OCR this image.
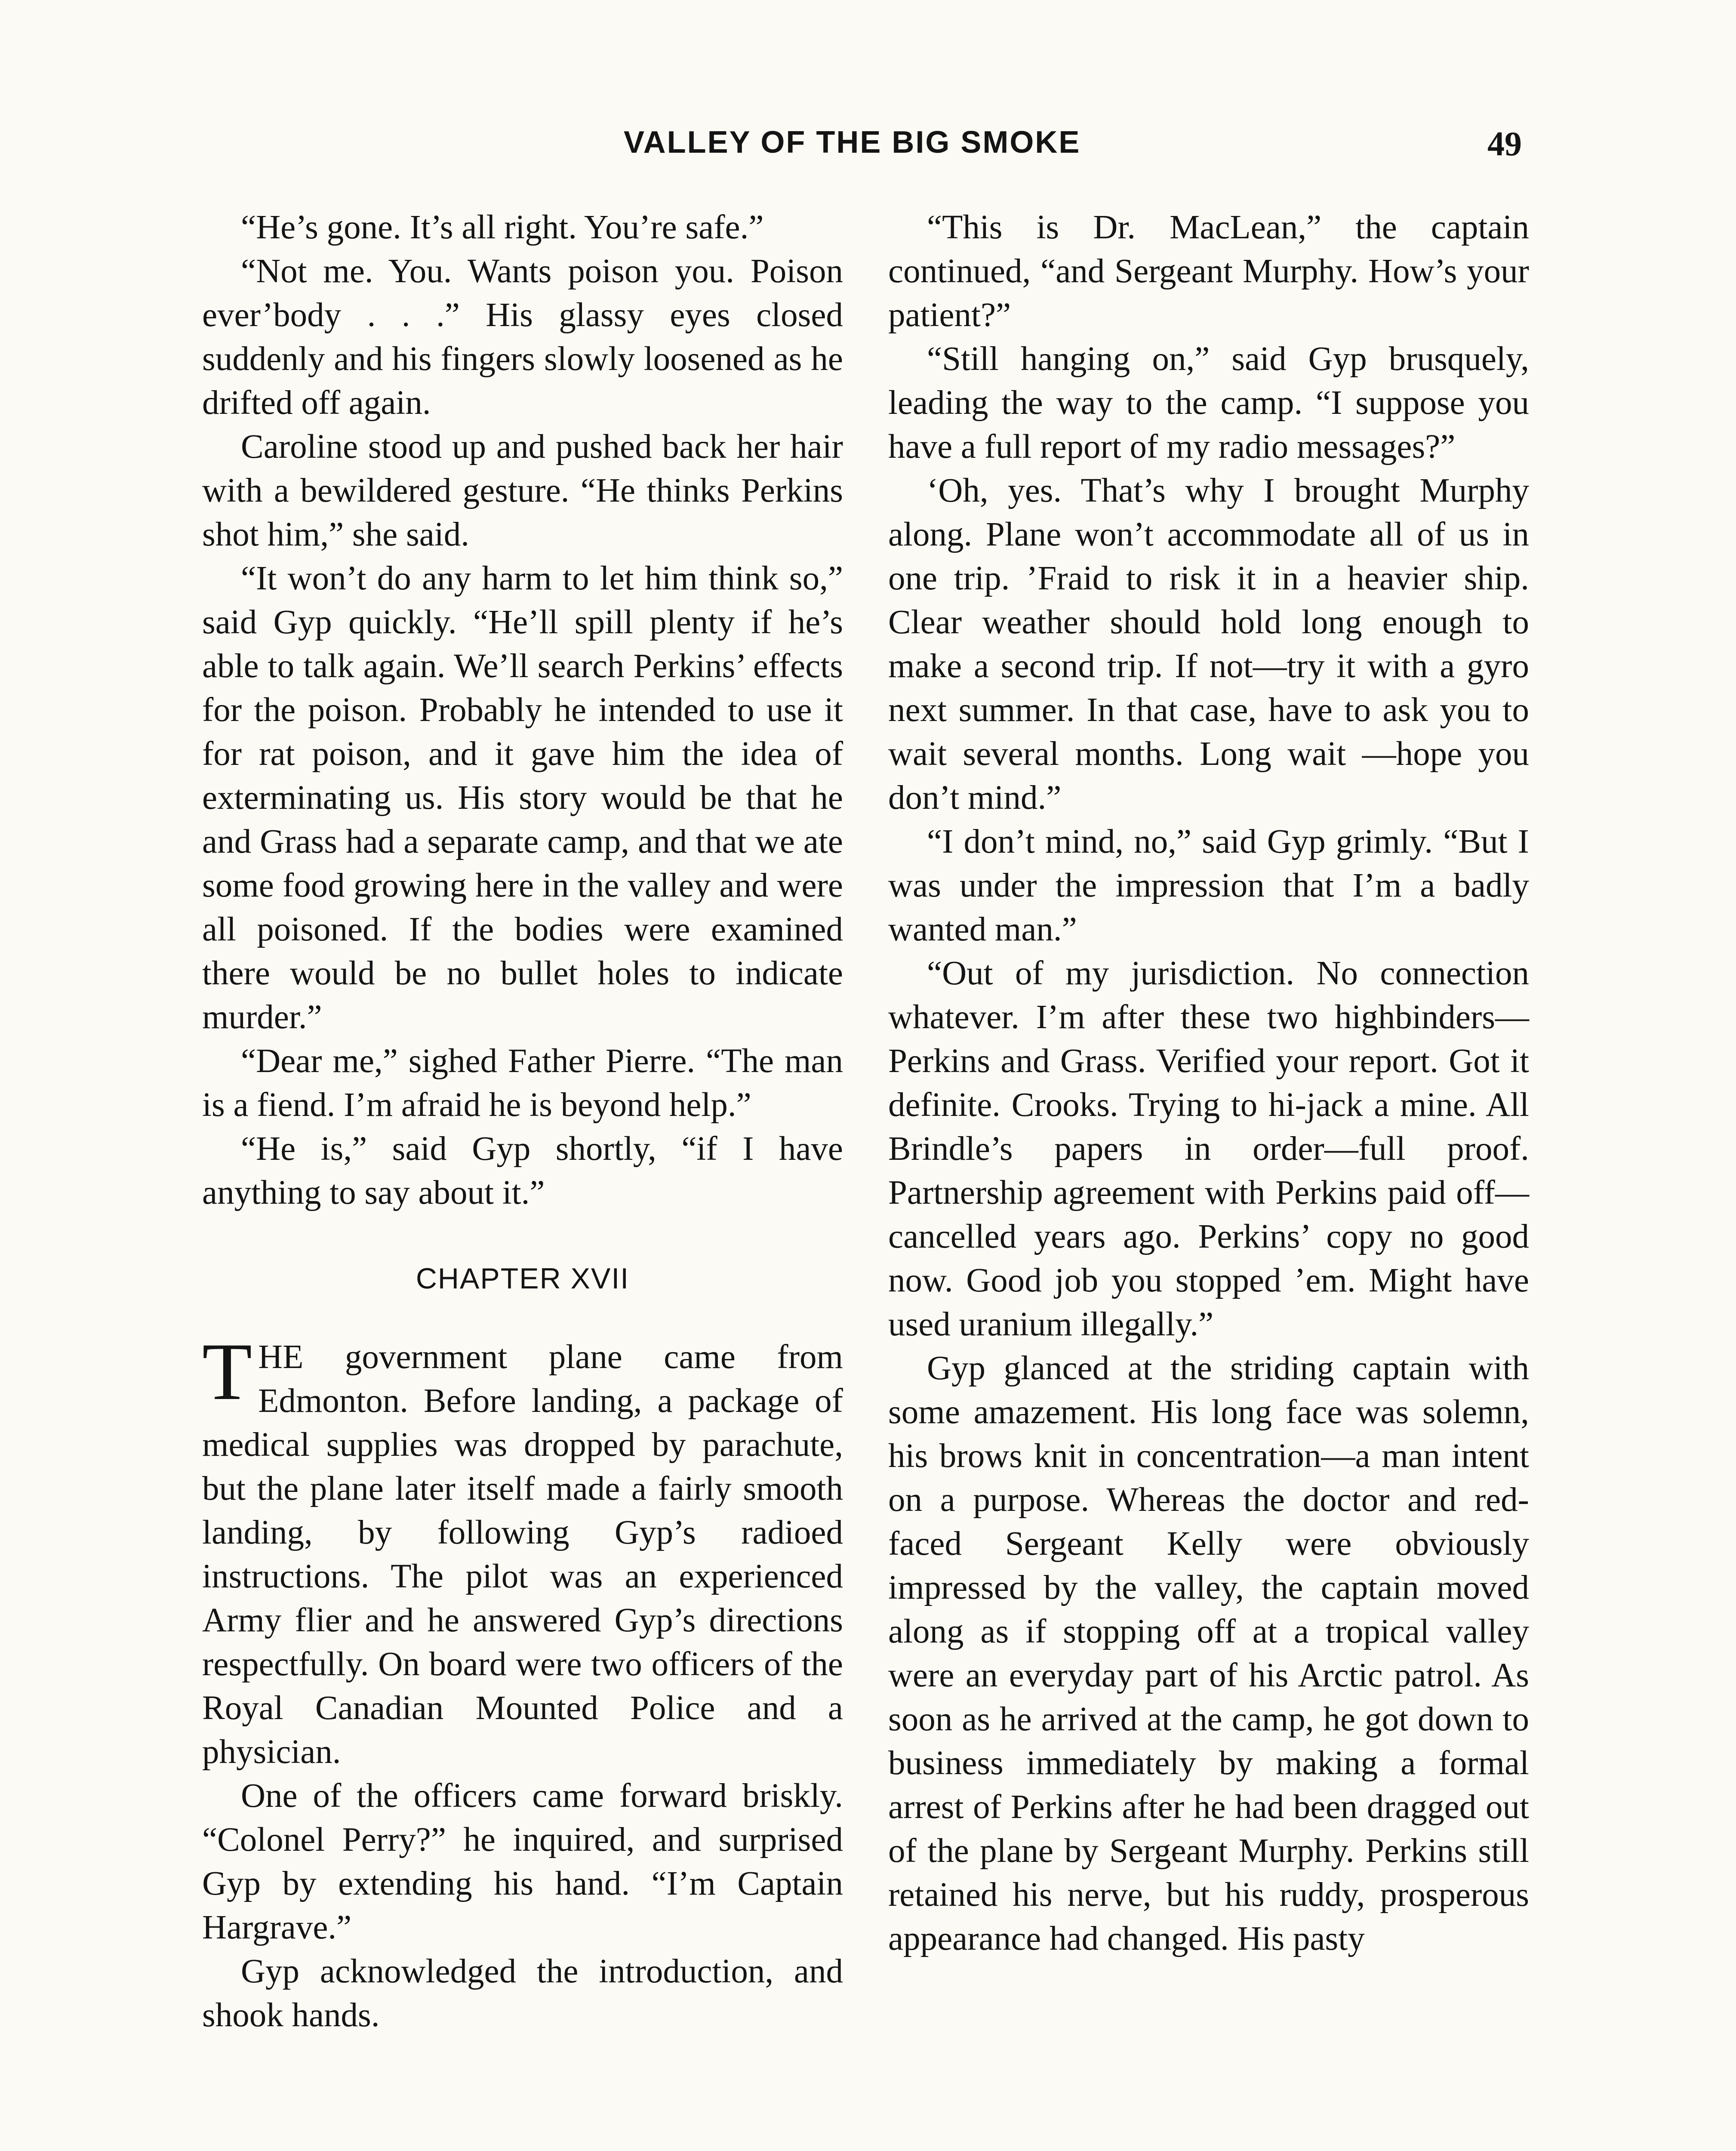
VALLEY OF THE BIG SMOKE	49

“He’s gone. It’s all right. You’re safe.”

“Not me. You. Wants poison you. Poison ever’body . . .” His glassy eyes closed suddenly and his fingers slowly loosened as he drifted off again.

Caroline stood up and pushed back her hair with a bewildered gesture. “He thinks Perkins shot him,” she said.

“It won’t do any harm to let him think so,” said Gyp quickly. “He’ll spill plenty if he’s able to talk again. We’ll search Perkins’ effects for the poison. Probably he intended to use it for rat poison, and it gave him the idea of exterminating us. His story would be that he and Grass had a separate camp, and that we ate some food growing here in the valley and were all poisoned. If the bodies were examined there would be no bullet holes to indicate murder.”

“Dear me,” sighed Father Pierre. “The man is a fiend. I’m afraid he is beyond help.”

“He is,” said Gyp shortly, “if I have anything to say about it.”

CHAPTER XVII

THE government plane came from Edmonton. Before landing, a package of medical supplies was dropped by parachute, but the plane later itself made a fairly smooth landing, by following Gyp’s radioed instructions. The pilot was an experienced Army flier and he answered Gyp’s directions respectfully. On board were two officers of the Royal Canadian Mounted Police and a physician.

One of the officers came forward briskly. “Colonel Perry?” he inquired, and surprised Gyp by extending his hand. “I’m Captain Hargrave.”

Gyp acknowledged the introduction, and shook hands.

“This is Dr. MacLean,” the captain continued, “and Sergeant Murphy. How’s your patient?”

“Still hanging on,” said Gyp brusquely, leading the way to the camp. “I suppose you have a full report of my radio messages?”

‘Oh, yes. That’s why I brought Murphy along. Plane won’t accommodate all of us in one trip. ’Fraid to risk it in a heavier ship. Clear weather should hold long enough to make a second trip. If not—try it with a gyro next summer. In that case, have to ask you to wait several months. Long wait —hope you don’t mind.”

“I don’t mind, no,” said Gyp grimly. “But I was under the impression that I’m a badly wanted man.”

“Out of my jurisdiction. No connection whatever. I’m after these two highbinders—Perkins and Grass. Verified your report. Got it definite. Crooks. Trying to hi-jack a mine. All Brindle’s papers in order—full proof. Partnership agreement with Perkins paid off—cancelled years ago. Perkins’ copy no good now. Good job you stopped ’em. Might have used uranium illegally.”

Gyp glanced at the striding captain with some amazement. His long face was solemn, his brows knit in concentration—a man intent on a purpose. Whereas the doctor and red-faced Sergeant Kelly were obviously impressed by the valley, the captain moved along as if stopping off at a tropical valley were an everyday part of his Arctic patrol. As soon as he arrived at the camp, he got down to business immediately by making a formal arrest of Perkins after he had been dragged out of the plane by Sergeant Murphy. Perkins still retained his nerve, but his ruddy, prosperous appearance had changed. His pasty
